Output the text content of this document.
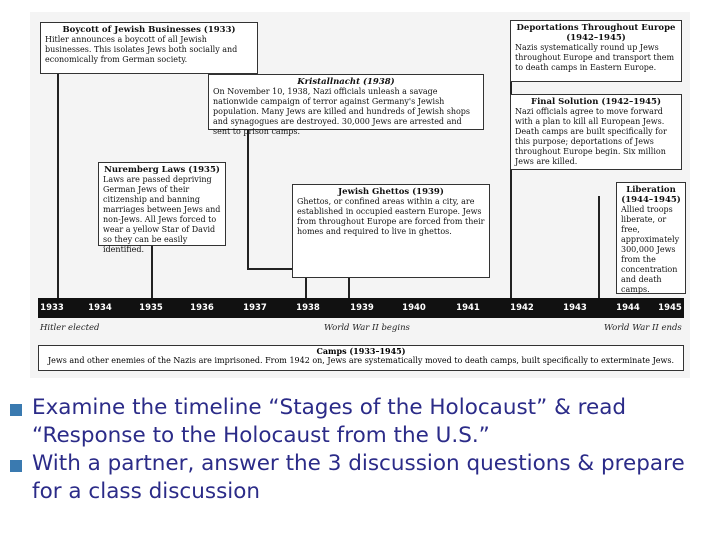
Boycott of Jewish Businesses (1933)
Hitler announces a boycott of all Jewish businesses. This isolates Jews both socially and economically from German society.
Kristallnacht (1938)
On November 10, 1938, Nazi officials unleash a savage nationwide campaign of terror against Germany's Jewish population. Many Jews are killed and hundreds of Jewish shops and synagogues are destroyed. 30,000 Jews are arrested and sent to prison camps.
Deportations Throughout Europe (1942–1945)
Nazis systematically round up Jews throughout Europe and transport them to death camps in Eastern Europe.
Final Solution (1942–1945)
Nazi officials agree to move forward with a plan to kill all European Jews. Death camps are built specifically for this purpose; deportations of Jews throughout Europe begin. Six million Jews are killed.
Nuremberg Laws (1935)
Laws are passed depriving German Jews of their citizenship and banning marriages between Jews and non-Jews. All Jews forced to wear a yellow Star of David so they can be easily identified.
Jewish Ghettos (1939)
Ghettos, or confined areas within a city, are established in occupied eastern Europe. Jews from throughout Europe are forced from their homes and required to live in ghettos.
Liberation (1944–1945)
Allied troops liberate, or free, approximately 300,000 Jews from the concentration and death camps.
1933	1934	1935	1936	1937	1938	1939	1940	1941	1942	1943	1944	1945
Hitler elected	World War II begins	World War II ends
Camps (1933–1945)
Jews and other enemies of the Nazis are imprisoned. From 1942 on, Jews are systematically moved to death camps, built specifically to exterminate Jews.
Examine the timeline “Stages of the Holocaust” & read “Response to the Holocaust from the U.S.”
With a partner, answer the 3 discussion questions & prepare for a class discussion
